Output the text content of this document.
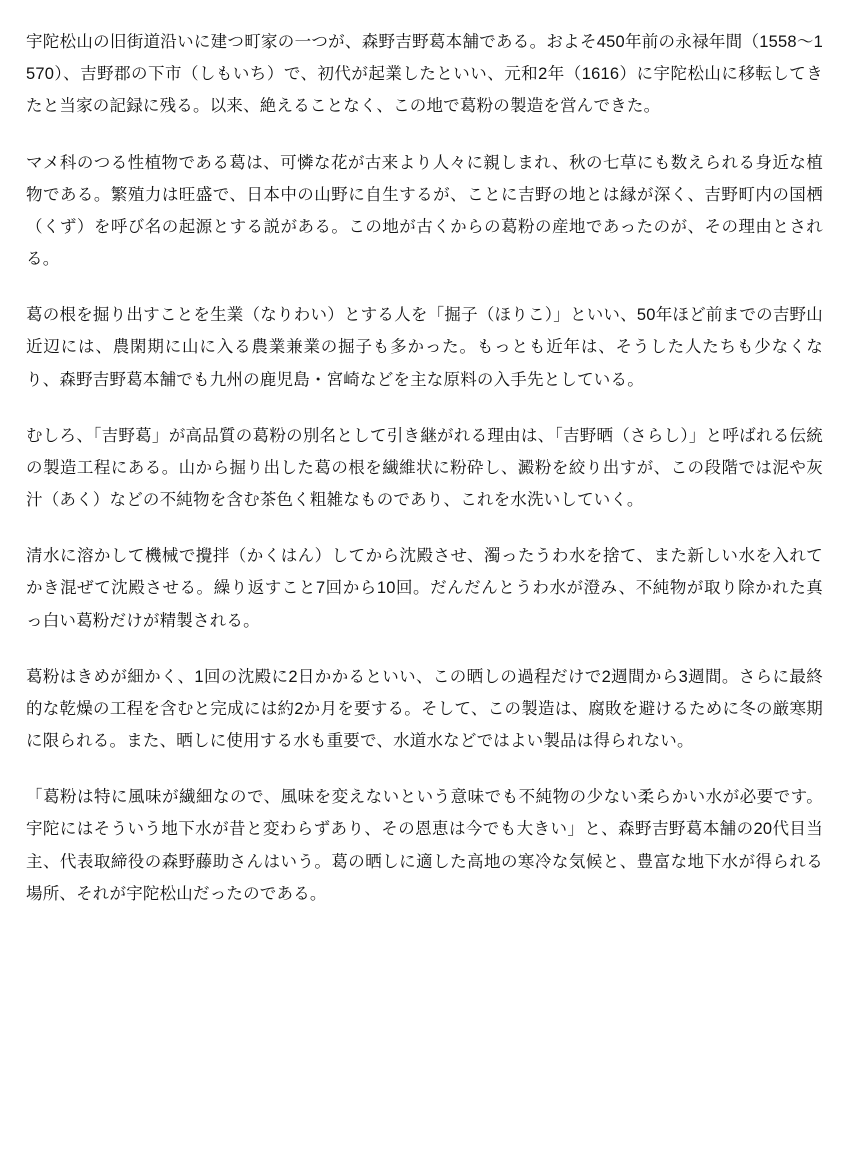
宇陀松山の旧街道沿いに建つ町家の一つが、森野吉野葛本舗である。およそ450年前の永禄年間（1558〜1570）、吉野郡の下市（しもいち）で、初代が起業したといい、元和2年（1616）に宇陀松山に移転してきたと当家の記録に残る。以来、絶えることなく、この地で葛粉の製造を営んできた。

マメ科のつる性植物である葛は、可憐な花が古来より人々に親しまれ、秋の七草にも数えられる身近な植物である。繁殖力は旺盛で、日本中の山野に自生するが、ことに吉野の地とは縁が深く、吉野町内の国栖（くず）を呼び名の起源とする説がある。この地が古くからの葛粉の産地であったのが、その理由とされる。

葛の根を掘り出すことを生業（なりわい）とする人を「掘子（ほりこ）」といい、50年ほど前までの吉野山近辺には、農閑期に山に入る農業兼業の掘子も多かった。もっとも近年は、そうした人たちも少なくなり、森野吉野葛本舗でも九州の鹿児島・宮崎などを主な原料の入手先としている。

むしろ、「吉野葛」が高品質の葛粉の別名として引き継がれる理由は、「吉野晒（さらし）」と呼ばれる伝統の製造工程にある。山から掘り出した葛の根を繊維状に粉砕し、澱粉を絞り出すが、この段階では泥や灰汁（あく）などの不純物を含む茶色く粗雑なものであり、これを水洗いしていく。

清水に溶かして機械で攪拌（かくはん）してから沈殿させ、濁ったうわ水を捨て、また新しい水を入れてかき混ぜて沈殿させる。繰り返すこと7回から10回。だんだんとうわ水が澄み、不純物が取り除かれた真っ白い葛粉だけが精製される。

葛粉はきめが細かく、1回の沈殿に2日かかるといい、この晒しの過程だけで2週間から3週間。さらに最終的な乾燥の工程を含むと完成には約2か月を要する。そして、この製造は、腐敗を避けるために冬の厳寒期に限られる。また、晒しに使用する水も重要で、水道水などではよい製品は得られない。

「葛粉は特に風味が繊細なので、風味を変えないという意味でも不純物の少ない柔らかい水が必要です。宇陀にはそういう地下水が昔と変わらずあり、その恩恵は今でも大きい」と、森野吉野葛本舗の20代目当主、代表取締役の森野藤助さんはいう。葛の晒しに適した高地の寒冷な気候と、豊富な地下水が得られる場所、それが宇陀松山だったのである。
